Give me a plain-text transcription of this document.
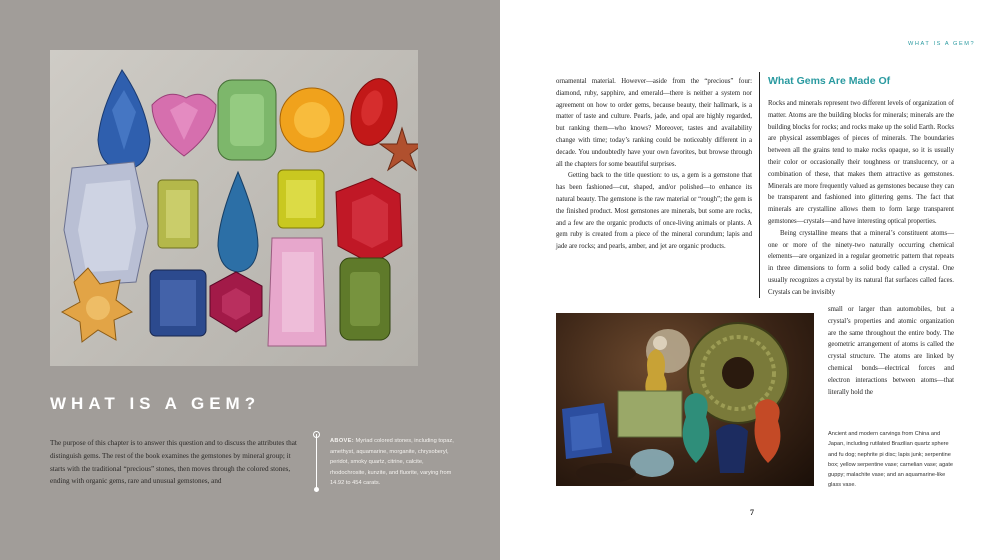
WHAT IS A GEM?

The purpose of this chapter is to answer this question and to discuss the attributes that distinguish gems. The rest of the book examines the gemstones by mineral group; it starts with the traditional “precious” stones, then moves through the colored stones, ending with organic gems, rare and unusual gemstones, and

ABOVE: Myriad colored stones, including topaz, amethyst, aquamarine, morganite, chrysoberyl, peridot, smoky quartz, citrine, calcite, rhodochrosite, kunzite, and fluorite, varying from 14.92 to 454 carats.

WHAT IS A GEM?

ornamental material. However—aside from the “precious” four: diamond, ruby, sapphire, and emerald—there is neither a system nor agreement on how to order gems, because beauty, their hallmark, is a matter of taste and culture. Pearls, jade, and opal are highly regarded, but ranking them—who knows? Moreover, tastes and availability change with time; today’s ranking could be noticeably different in a decade. You undoubtedly have your own favorites, but browse through all the chapters for some beautiful surprises.

Getting back to the title question: to us, a gem is a gemstone that has been fashioned—cut, shaped, and/or polished—to enhance its natural beauty. The gemstone is the raw material or “rough”; the gem is the finished product. Most gemstones are minerals, but some are rocks, and a few are the organic products of once-living animals or plants. A gem ruby is created from a piece of the mineral corundum; lapis and jade are rocks; and pearls, amber, and jet are organic products.

What Gems Are Made Of

Rocks and minerals represent two different levels of organization of matter. Atoms are the building blocks for minerals; minerals are the building blocks for rocks; and rocks make up the solid Earth. Rocks are physical assemblages of pieces of minerals. The boundaries between all the grains tend to make rocks opaque, so it is usually their color or occasionally their toughness or translucency, or a combination of these, that makes them attractive as gemstones. Minerals are more frequently valued as gemstones because they can be transparent and fashioned into glittering gems. The fact that minerals are crystalline allows them to form large transparent gemstones—crystals—and have interesting optical properties.

Being crystalline means that a mineral’s constituent atoms—one or more of the ninety-two naturally occurring chemical elements—are organized in a regular geometric pattern that repeats in three dimensions to form a solid body called a crystal. One usually recognizes a crystal by its natural flat surfaces called faces. Crystals can be invisibly

small or larger than automobiles, but a crystal’s properties and atomic organization are the same throughout the entire body. The geometric arrangement of atoms is called the crystal structure. The atoms are linked by chemical bonds—electrical forces and electron interactions between atoms—that literally hold the

Ancient and modern carvings from China and Japan, including rutilated Brazilian quartz sphere and fu dog; nephrite pi disc; lapis junk; serpentine box; yellow serpentine vase; carnelian vase; agate guppy; malachite vase; and an aquamarine-like glass vase.

7
